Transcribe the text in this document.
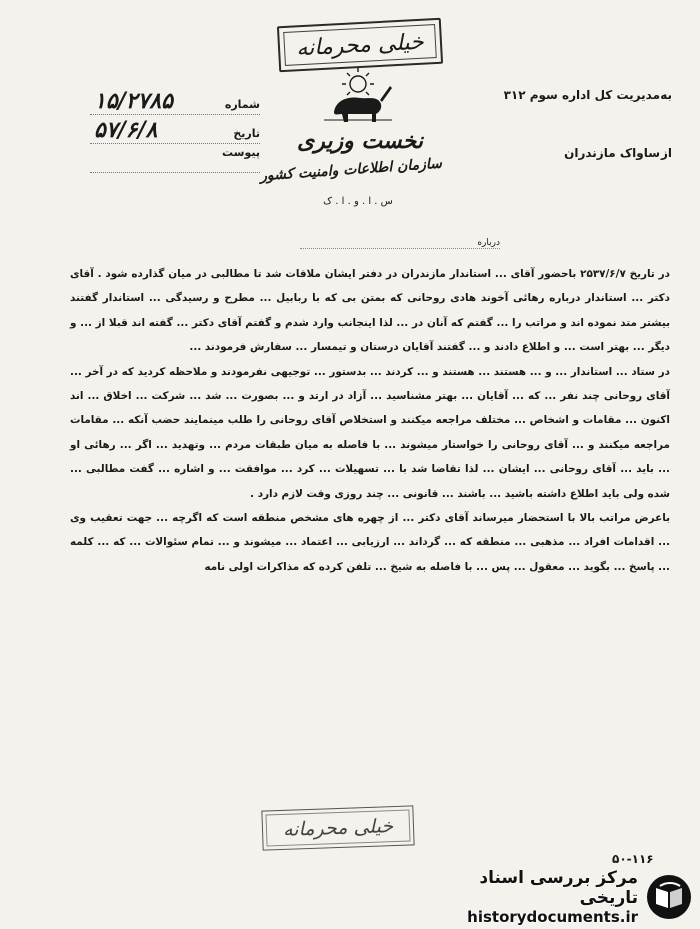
خیلی محرمانه
شماره
۱۵/۲۷۸۵
تاریخ
۵۷/۶/۸
پیوست	نخست وزیری
سازمان اطلاعات وامنیت کشور
س . ا . و . ا . ک
به
مدیریت کل اداره سوم ۳۱۲
از
ساواک مازندران
درباره

در تاریخ ۲۵۳۷/۶/۷ باحضور آقای ... استاندار مازندران در دفتر ایشان ملاقات شد تا مطالبی در میان گذارده شود . آقای دکتر ... استاندار درباره رهائی آخوند هادی روحانی که بمتن بی که با ربابیل ... مطرح و رسیدگی ... استاندار گفتند بیشتر متد نموده اند و مراتب را ... گفتم که آنان در ... لذا اینجانب وارد شدم و گفتم آقای دکتر ... گفته اند قبلا از ... و دیگر ... بهتر است ... و اطلاع دادند و ... گفتند آقایان درستان و تیمسار ... سفارش فرمودند ...

در ستاد ... استاندار ... و ... هستند ... هستند و ... کردند ... بدستور ... توجیهی نفرمودند و ملاحظه کردید که در آخر ... آقای روحانی چند نفر ... که ... آقایان ... بهتر مشناسید ... آزاد در ارتد و ... بصورت ... شد ... شرکت ... اخلاق ... اند اکنون ... مقامات و اشخاص ... مختلف مراجعه میکنند و استخلاص آقای روحانی را طلب مینمایند حضب آنکه ... مقامات مراجعه میکنند و ... آقای روحانی را خواستار میشوند ... با فاصله به میان طبقات مردم ... وتهدید ... اگر ... رهائی او ... باید ... آقای روحانی ... ایشان ... لذا تقاضا شد با ... تسهیلات ... کرد ... موافقت ... و اشاره ... گفت مطالبی ... شده ولی باید اطلاع داشته باشید ... باشند ... قانونی ... چند روزی وقت لازم دارد .

باعرض مراتب بالا با استحضار میرساند آقای دکتر ... از چهره های مشخص منطقه است که اگرچه ... جهت تعقیب وی ... اقدامات افراد ... مذهبی ... منطقه که ... گرداند ... ارزیابی ... اعتماد ... میشوند و ... تمام سئوالات ... که ... کلمه ... پاسخ ... بگوید ... معقول ... پس ... با فاصله به شیخ ... تلفن کرده که مذاکرات اولی نامه

خیلی محرمانه
۵۰-۱۱۶
مرکز بررسی اسناد تاریخی
historydocuments.ir
